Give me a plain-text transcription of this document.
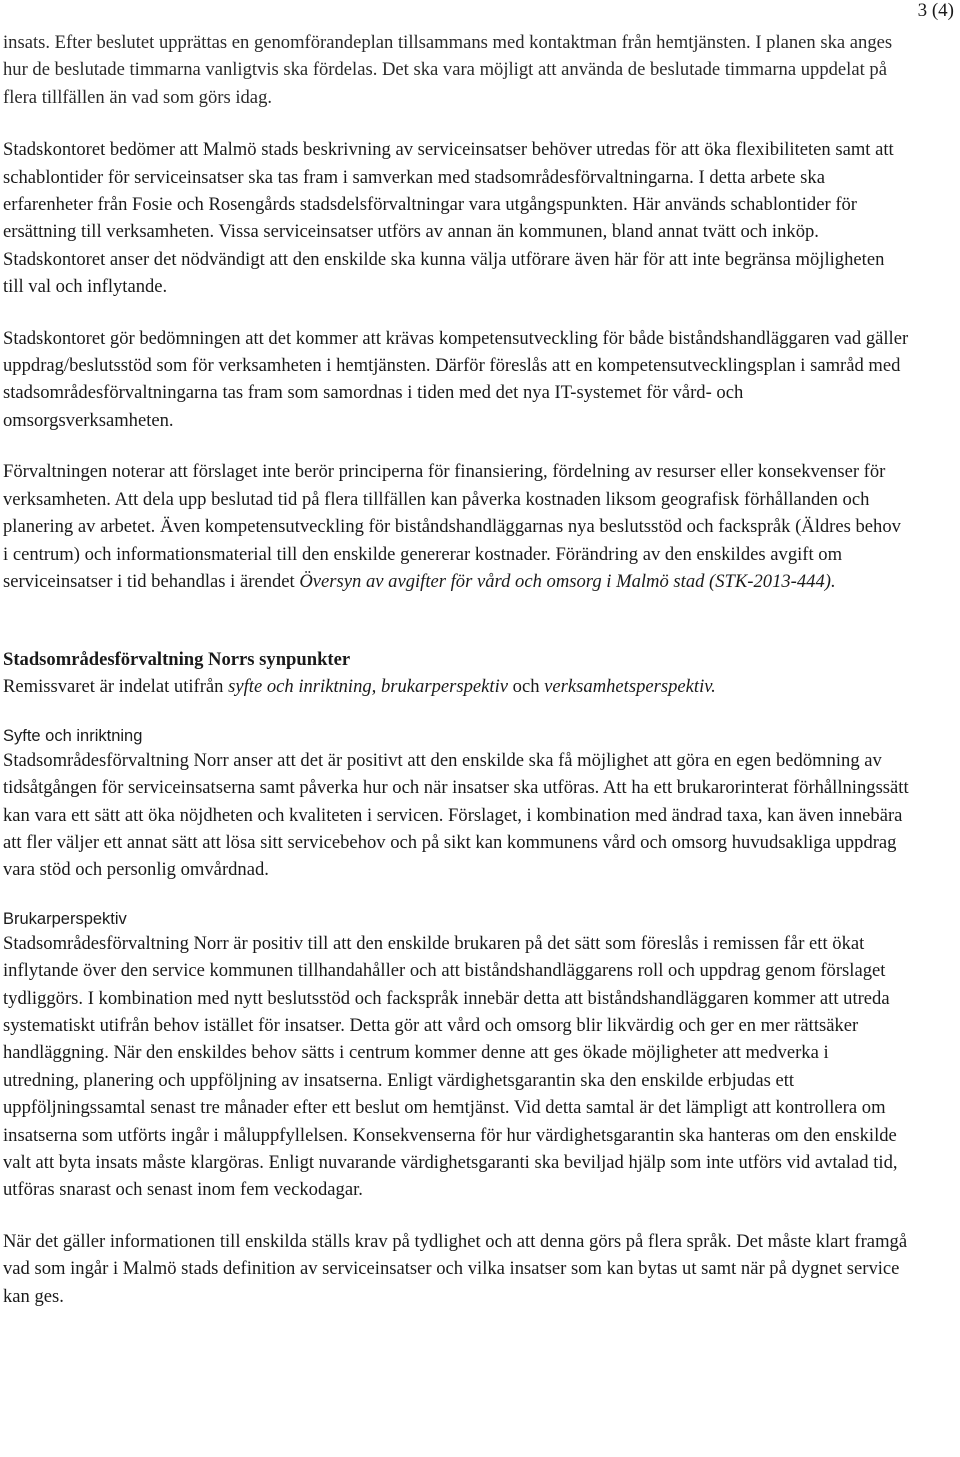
3 (4)

insats. Efter beslutet upprättas en genomförandeplan tillsammans med kontaktman från hemtjänsten. I planen ska anges hur de beslutade timmarna vanligtvis ska fördelas. Det ska vara möjligt att använda de beslutade timmarna uppdelat på flera tillfällen än vad som görs idag.

Stadskontoret bedömer att Malmö stads beskrivning av serviceinsatser behöver utredas för att öka flexibiliteten samt att schablontider för serviceinsatser ska tas fram i samverkan med stadsområdesförvaltningarna. I detta arbete ska erfarenheter från Fosie och Rosengårds stadsdelsförvaltningar vara utgångspunkten. Här används schablontider för ersättning till verksamheten. Vissa serviceinsatser utförs av annan än kommunen, bland annat tvätt och inköp. Stadskontoret anser det nödvändigt att den enskilde ska kunna välja utförare även här för att inte begränsa möjligheten till val och inflytande.

Stadskontoret gör bedömningen att det kommer att krävas kompetensutveckling för både biståndshandläggaren vad gäller uppdrag/beslutsstöd som för verksamheten i hemtjänsten. Därför föreslås att en kompetensutvecklingsplan i samråd med stadsområdesförvaltningarna tas fram som samordnas i tiden med det nya IT-systemet för vård- och omsorgsverksamheten.

Förvaltningen noterar att förslaget inte berör principerna för finansiering, fördelning av resurser eller konsekvenser för verksamheten. Att dela upp beslutad tid på flera tillfällen kan påverka kostnaden liksom geografisk förhållanden och planering av arbetet. Även kompetensutveckling för biståndshandläggarnas nya beslutsstöd och fackspråk (Äldres behov i centrum) och informationsmaterial till den enskilde genererar kostnader. Förändring av den enskildes avgift om serviceinsatser i tid behandlas i ärendet Översyn av avgifter för vård och omsorg i Malmö stad (STK-2013-444).

Stadsområdesförvaltning Norrs synpunkter

Remissvaret är indelat utifrån syfte och inriktning, brukarperspektiv och verksamhetsperspektiv.

Syfte och inriktning

Stadsområdesförvaltning Norr anser att det är positivt att den enskilde ska få möjlighet att göra en egen bedömning av tidsåtgången för serviceinsatserna samt påverka hur och när insatser ska utföras. Att ha ett brukarorinterat förhållningssätt kan vara ett sätt att öka nöjdheten och kvaliteten i servicen. Förslaget, i kombination med ändrad taxa, kan även innebära att fler väljer ett annat sätt att lösa sitt servicebehov och på sikt kan kommunens vård och omsorg huvudsakliga uppdrag vara stöd och personlig omvårdnad.

Brukarperspektiv

Stadsområdesförvaltning Norr är positiv till att den enskilde brukaren på det sätt som föreslås i remissen får ett ökat inflytande över den service kommunen tillhandahåller och att biståndshandläggarens roll och uppdrag genom förslaget tydliggörs. I kombination med nytt beslutsstöd och fackspråk innebär detta att biståndshandläggaren kommer att utreda systematiskt utifrån behov istället för insatser. Detta gör att vård och omsorg blir likvärdig och ger en mer rättsäker handläggning. När den enskildes behov sätts i centrum kommer denne att ges ökade möjligheter att medverka i utredning, planering och uppföljning av insatserna. Enligt värdighetsgarantin ska den enskilde erbjudas ett uppföljningssamtal senast tre månader efter ett beslut om hemtjänst. Vid detta samtal är det lämpligt att kontrollera om insatserna som utförts ingår i måluppfyllelsen. Konsekvenserna för hur värdighetsgarantin ska hanteras om den enskilde valt att byta insats måste klargöras. Enligt nuvarande värdighetsgaranti ska beviljad hjälp som inte utförs vid avtalad tid, utföras snarast och senast inom fem veckodagar.

När det gäller informationen till enskilda ställs krav på tydlighet och att denna görs på flera språk. Det måste klart framgå vad som ingår i Malmö stads definition av serviceinsatser och vilka insatser som kan bytas ut samt när på dygnet service kan ges.
